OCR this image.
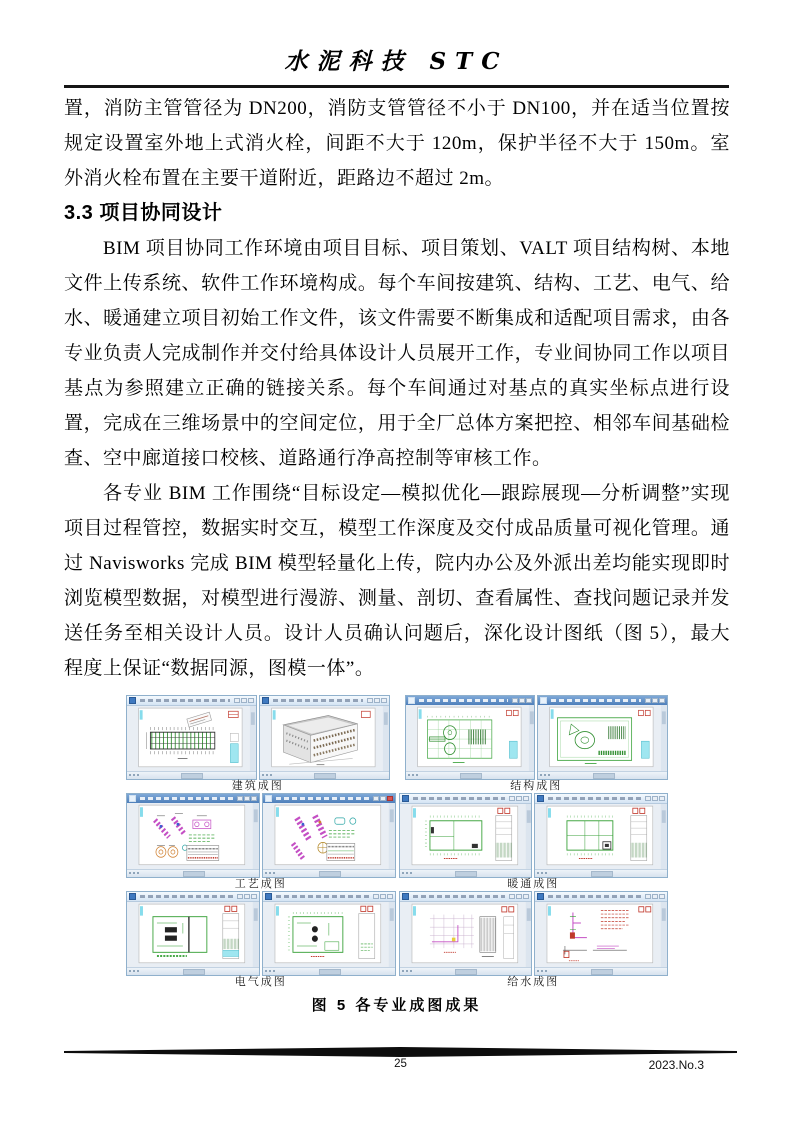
水泥科技 STC

置，消防主管管径为 DN200，消防支管管径不小于 DN100，并在适当位置按规定设置室外地上式消火栓，间距不大于 120m，保护半径不大于 150m。室外消火栓布置在主要干道附近，距路边不超过 2m。

3.3 项目协同设计

BIM 项目协同工作环境由项目目标、项目策划、VALT 项目结构树、本地文件上传系统、软件工作环境构成。每个车间按建筑、结构、工艺、电气、给水、暖通建立项目初始工作文件，该文件需要不断集成和适配项目需求，由各专业负责人完成制作并交付给具体设计人员展开工作，专业间协同工作以项目基点为参照建立正确的链接关系。每个车间通过对基点的真实坐标点进行设置，完成在三维场景中的空间定位，用于全厂总体方案把控、相邻车间基础检查、空中廊道接口校核、道路通行净高控制等审核工作。

各专业 BIM 工作围绕“目标设定—模拟优化—跟踪展现—分析调整”实现项目过程管控，数据实时交互，模型工作深度及交付成品质量可视化管理。通过 Navisworks 完成 BIM 模型轻量化上传，院内办公及外派出差均能实现即时浏览模型数据，对模型进行漫游、测量、剖切、查看属性、查找问题记录并发送任务至相关设计人员。设计人员确认问题后，深化设计图纸（图 5），最大程度上保证“数据同源，图模一体”。

建筑成图	结构成图
工艺成图	暖通成图
电气成图	给水成图
图 5 各专业成图成果
25	2023.No.3
